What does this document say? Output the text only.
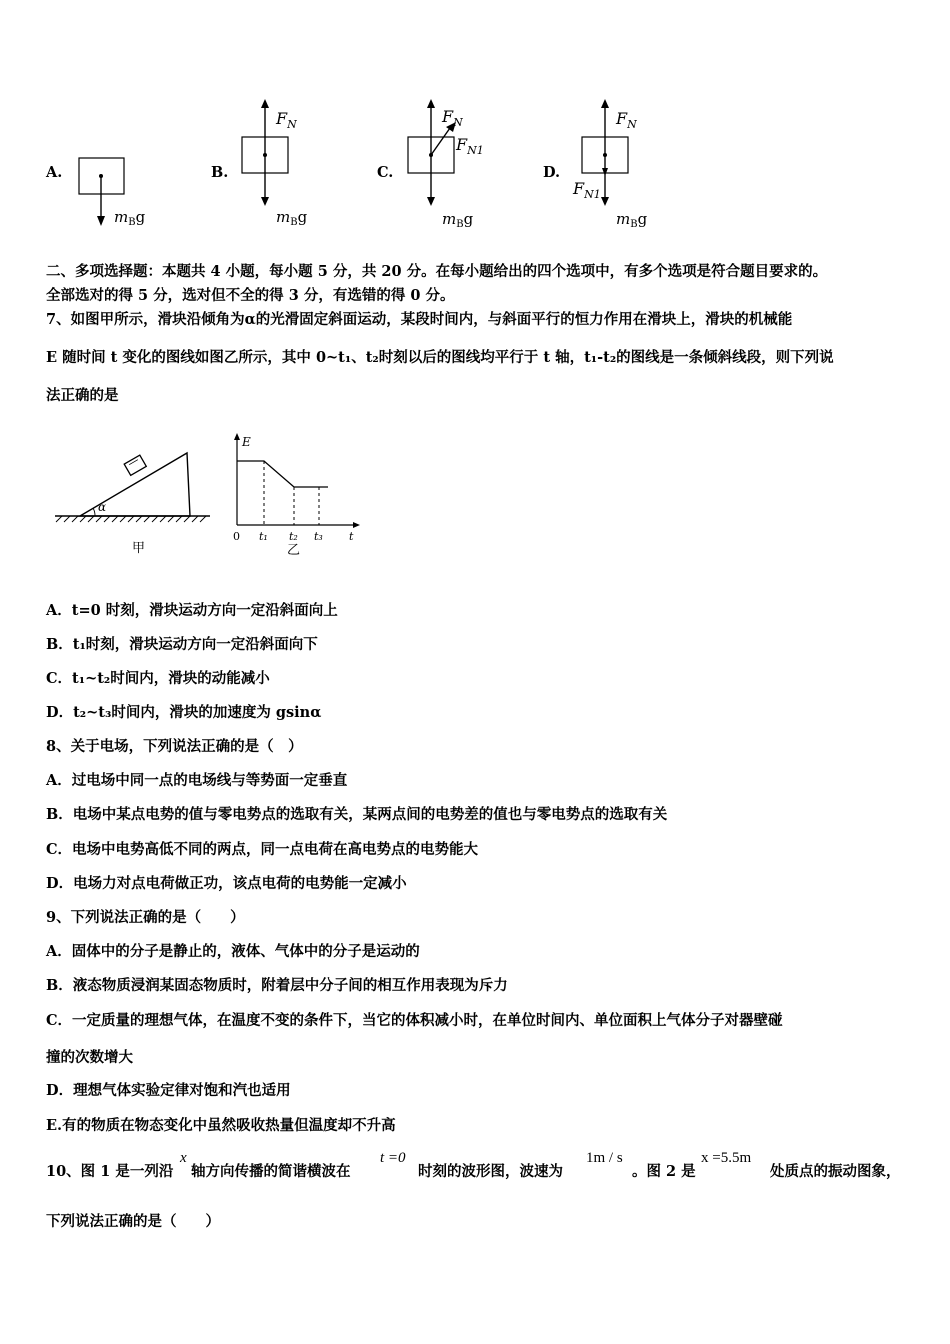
A.
$m_Bg$
B.
$F_N$
$m_Bg$
C.
$F_N$
$F_{N1}$
$m_Bg$
D.
$F_N$
$F_{N1}$
$m_Bg$
二、多项选择题：本题共 4 小题，每小题 5 分，共 20 分。在每小题给出的四个选项中，有多个选项是符合题目要求的。
全部选对的得 5 分，选对但不全的得 3 分，有选错的得 0 分。
7、如图甲所示，滑块沿倾角为α的光滑固定斜面运动，某段时间内，与斜面平行的恒力作用在滑块上，滑块的机械能
E 随时间 t 变化的图线如图乙所示，其中 0~t₁、t₂时刻以后的图线均平行于 t 轴，t₁-t₂的图线是一条倾斜线段，则下列说
法正确的是
α
甲
E
t
0 t₁ t₂ t₃
乙
A．t=0 时刻，滑块运动方向一定沿斜面向上
B．t₁时刻，滑块运动方向一定沿斜面向下
C．t₁~t₂时间内，滑块的动能减小
D．t₂~t₃时间内，滑块的加速度为 gsinα
8、关于电场，下列说法正确的是（　）
A．过电场中同一点的电场线与等势面一定垂直
B．电场中某点电势的值与零电势点的选取有关，某两点间的电势差的值也与零电势点的选取有关
C．电场中电势高低不同的两点，同一点电荷在高电势点的电势能大
D．电场力对点电荷做正功，该点电荷的电势能一定减小
9、下列说法正确的是（　　）
A．固体中的分子是静止的，液体、气体中的分子是运动的
B．液态物质浸润某固态物质时，附着层中分子间的相互作用表现为斥力
C．一定质量的理想气体，在温度不变的条件下，当它的体积减小时，在单位时间内、单位面积上气体分子对器壁碰
撞的次数增大
D．理想气体实验定律对饱和汽也适用
E.有的物质在物态变化中虽然吸收热量但温度却不升高
10、图 1 是一列沿
x
轴方向传播的简谐横波在
t =0
时刻的波形图，波速为
1m / s
。图 2 是
x =5.5m
处质点的振动图象，
下列说法正确的是（　　）
